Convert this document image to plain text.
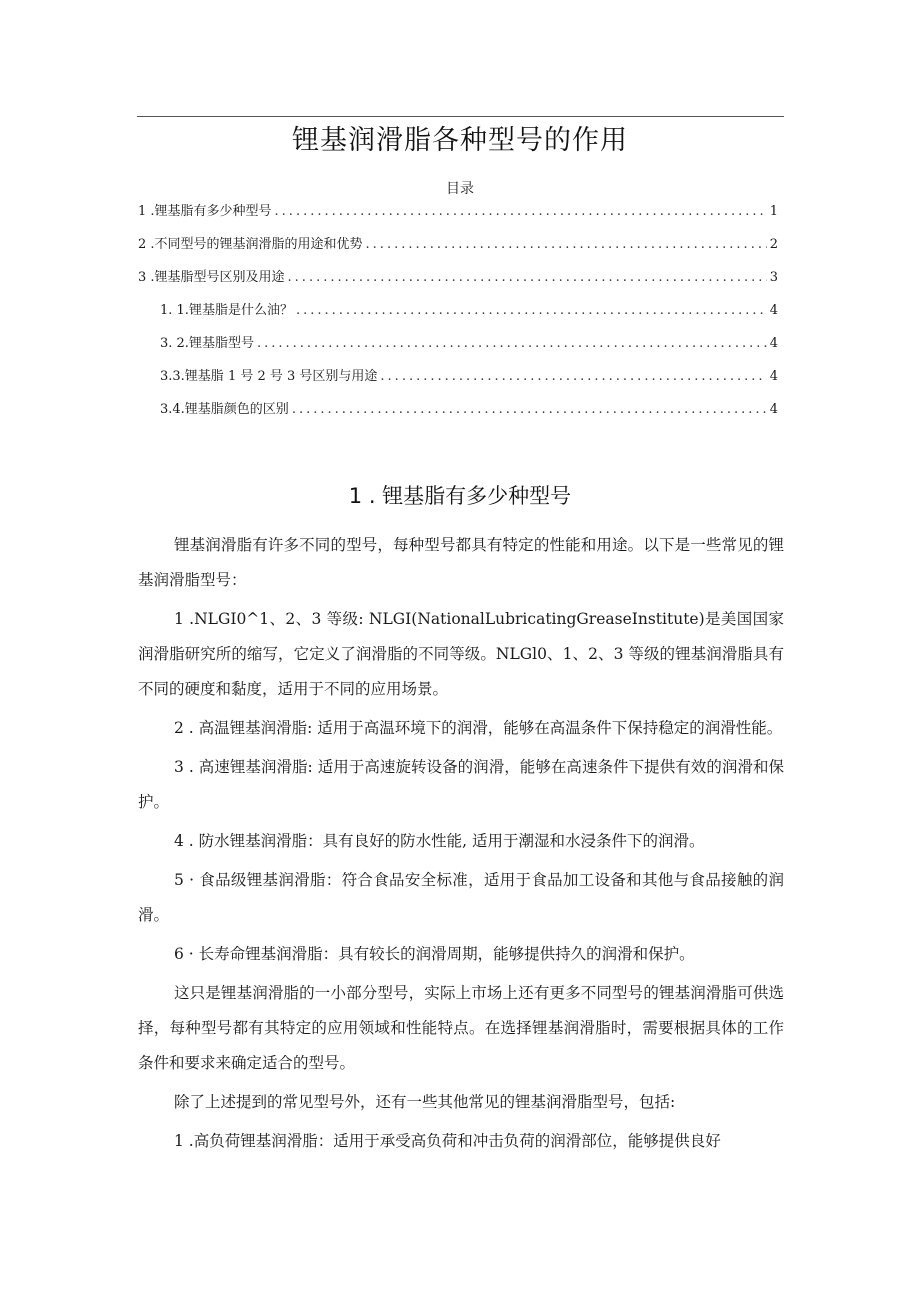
锂基润滑脂各种型号的作用
目录
1 .锂基脂有多少种型号 .....	1
2 .不同型号的锂基润滑脂的用途和优势 .....	2
3 .锂基脂型号区别及用途 .....	3
1. 1.锂基脂是什么油？ .....	4
3. 2.锂基脂型号 .....	4
3.3.锂基脂 1 号 2 号 3 号区别与用途 .....	4
3.4.锂基脂颜色的区别 .....	4
1 . 锂基脂有多少种型号

锂基润滑脂有许多不同的型号，每种型号都具有特定的性能和用途。以下是一些常见的锂基润滑脂型号：

1 .NLGI0^1、2、3 等级: NLGI(NationalLubricatingGreaseInstitute)是美国国家润滑脂研究所的缩写，它定义了润滑脂的不同等级。NLGl0、1、2、3 等级的锂基润滑脂具有不同的硬度和黏度，适用于不同的应用场景。

2 . 高温锂基润滑脂: 适用于高温环境下的润滑，能够在高温条件下保持稳定的润滑性能。

3 . 高速锂基润滑脂: 适用于高速旋转设备的润滑，能够在高速条件下提供有效的润滑和保护。

4 . 防水锂基润滑脂：具有良好的防水性能, 适用于潮湿和水浸条件下的润滑。

5 · 食品级锂基润滑脂：符合食品安全标准，适用于食品加工设备和其他与食品接触的润滑。

6 · 长寿命锂基润滑脂：具有较长的润滑周期，能够提供持久的润滑和保护。

这只是锂基润滑脂的一小部分型号，实际上市场上还有更多不同型号的锂基润滑脂可供选择，每种型号都有其特定的应用领域和性能特点。在选择锂基润滑脂时，需要根据具体的工作条件和要求来确定适合的型号。

除了上述提到的常见型号外，还有一些其他常见的锂基润滑脂型号，包括:

1 .高负荷锂基润滑脂：适用于承受高负荷和冲击负荷的润滑部位，能够提供良好
